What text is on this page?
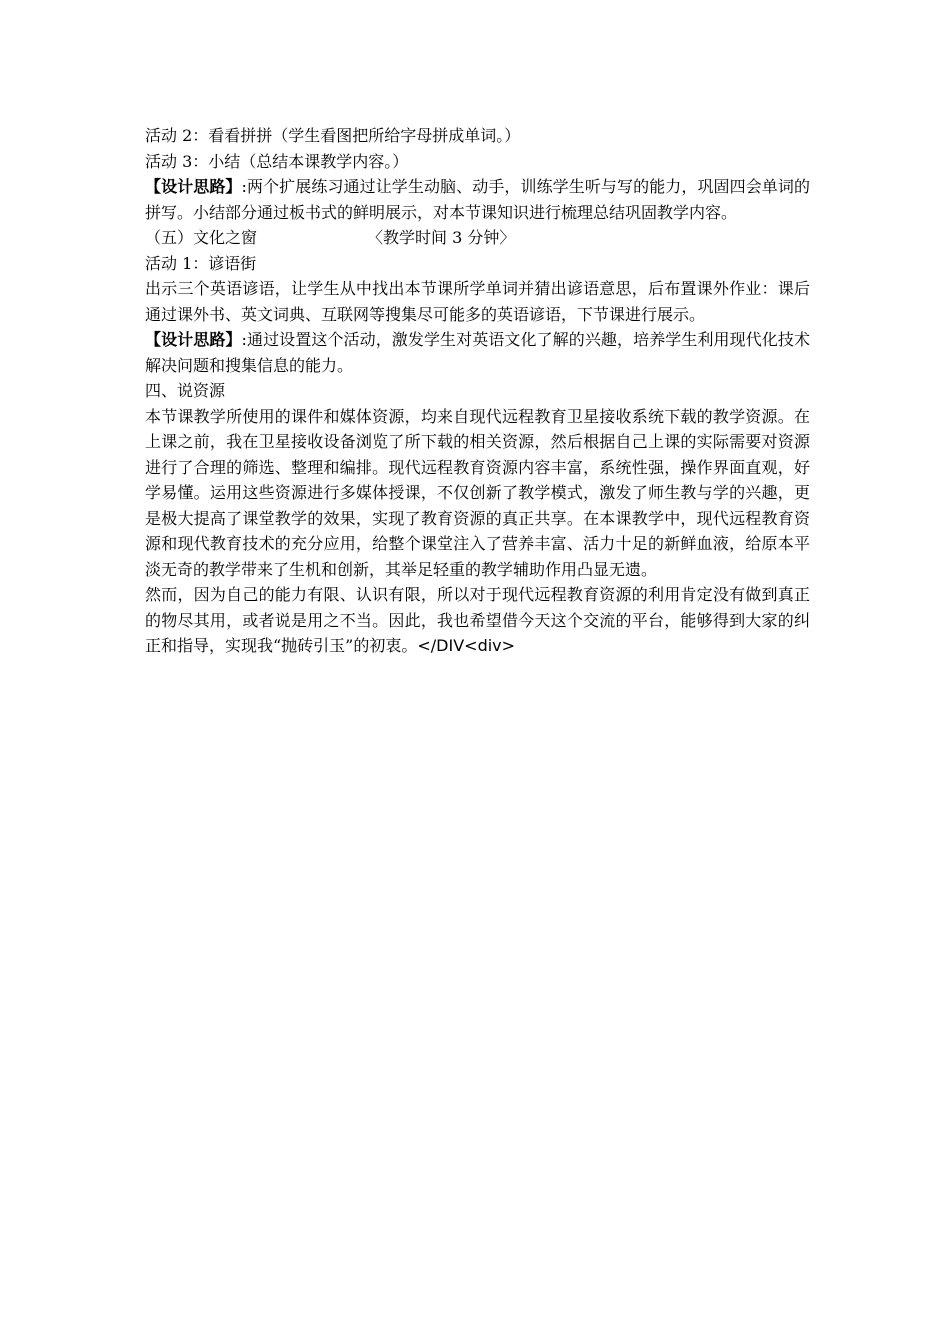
活动 2：看看拼拼（学生看图把所给字母拼成单词。）
活动 3：小结（总结本课教学内容。）
【设计思路】:两个扩展练习通过让学生动脑、动手，训练学生听与写的能力，巩固四会单词的拼写。小结部分通过板书式的鲜明展示，对本节课知识进行梳理总结巩固教学内容。
（五）文化之窗	〈教学时间 3 分钟〉
活动 1：谚语街
出示三个英语谚语，让学生从中找出本节课所学单词并猜出谚语意思，后布置课外作业：课后通过课外书、英文词典、互联网等搜集尽可能多的英语谚语，下节课进行展示。
【设计思路】:通过设置这个活动，激发学生对英语文化了解的兴趣，培养学生利用现代化技术解决问题和搜集信息的能力。
四、说资源
本节课教学所使用的课件和媒体资源，均来自现代远程教育卫星接收系统下载的教学资源。在上课之前，我在卫星接收设备浏览了所下载的相关资源，然后根据自己上课的实际需要对资源进行了合理的筛选、整理和编排。现代远程教育资源内容丰富，系统性强，操作界面直观，好学易懂。运用这些资源进行多媒体授课，不仅创新了教学模式，激发了师生教与学的兴趣，更是极大提高了课堂教学的效果，实现了教育资源的真正共享。在本课教学中，现代远程教育资源和现代教育技术的充分应用，给整个课堂注入了营养丰富、活力十足的新鲜血液，给原本平淡无奇的教学带来了生机和创新，其举足轻重的教学辅助作用凸显无遗。
然而，因为自己的能力有限、认识有限，所以对于现代远程教育资源的利用肯定没有做到真正的物尽其用，或者说是用之不当。因此，我也希望借今天这个交流的平台，能够得到大家的纠正和指导，实现我“抛砖引玉”的初衷。</DIV<div>
